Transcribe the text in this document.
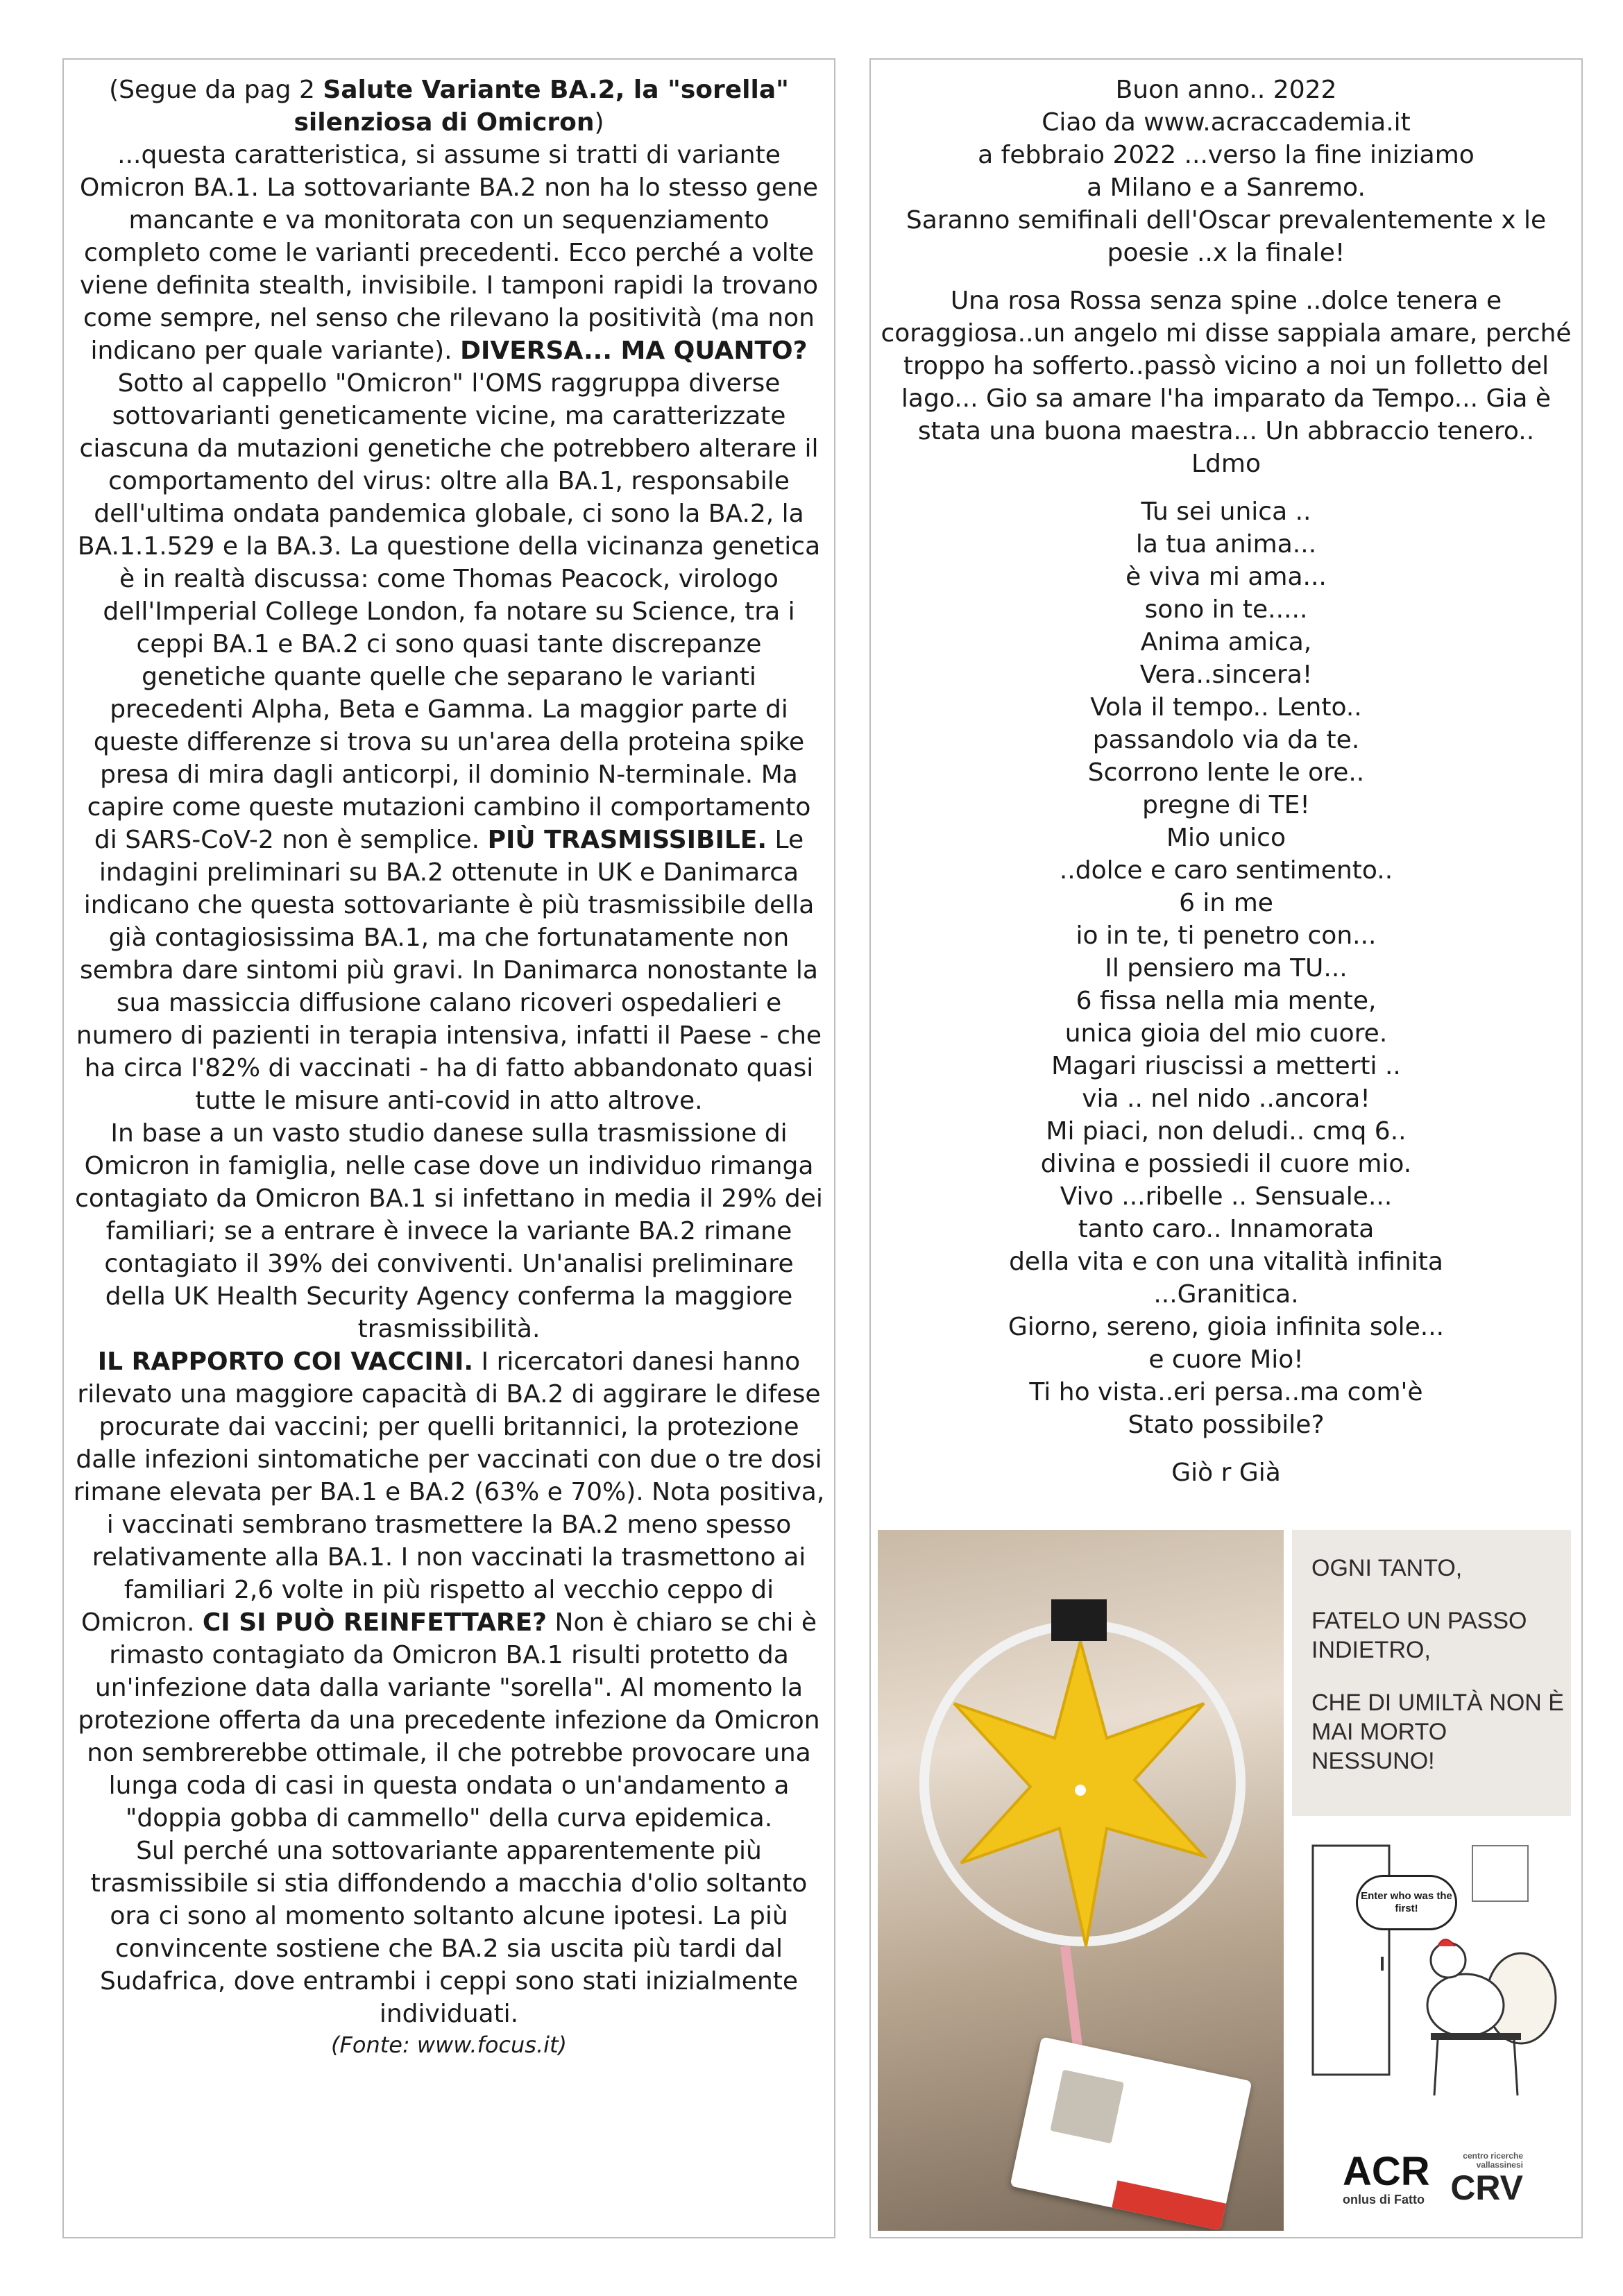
(Segue da pag 2 Salute Variante BA.2, la "sorella" silenziosa di Omicron)

...questa caratteristica, si assume si tratti di variante Omicron BA.1. La sottovariante BA.2 non ha lo stesso gene mancante e va monitorata con un sequenziamento completo come le varianti precedenti. Ecco perché a volte viene definita stealth, invisibile. I tamponi rapidi la trovano come sempre, nel senso che rilevano la positività (ma non indicano per quale variante). DIVERSA... MA QUANTO? Sotto al cappello "Omicron" l'OMS raggruppa diverse sottovarianti geneticamente vicine, ma caratterizzate ciascuna da mutazioni genetiche che potrebbero alterare il comportamento del virus: oltre alla BA.1, responsabile dell'ultima ondata pandemica globale, ci sono la BA.2, la BA.1.1.529 e la BA.3. La questione della vicinanza genetica è in realtà discussa: come Thomas Peacock, virologo dell'Imperial College London, fa notare su Science, tra i ceppi BA.1 e BA.2 ci sono quasi tante discrepanze genetiche quante quelle che separano le varianti precedenti Alpha, Beta e Gamma. La maggior parte di queste differenze si trova su un'area della proteina spike presa di mira dagli anticorpi, il dominio N-terminale. Ma capire come queste mutazioni cambino il comportamento di SARS-CoV-2 non è semplice. PIÙ TRASMISSIBILE. Le indagini preliminari su BA.2 ottenute in UK e Danimarca indicano che questa sottovariante è più trasmissibile della già contagiosissima BA.1, ma che fortunatamente non sembra dare sintomi più gravi. In Danimarca nonostante la sua massiccia diffusione calano ricoveri ospedalieri e numero di pazienti in terapia intensiva, infatti il Paese - che ha circa l'82% di vaccinati - ha di fatto abbandonato quasi tutte le misure anti-covid in atto altrove.

In base a un vasto studio danese sulla trasmissione di Omicron in famiglia, nelle case dove un individuo rimanga contagiato da Omicron BA.1 si infettano in media il 29% dei familiari; se a entrare è invece la variante BA.2 rimane contagiato il 39% dei conviventi. Un'analisi preliminare della UK Health Security Agency conferma la maggiore trasmissibilità.

IL RAPPORTO COI VACCINI. I ricercatori danesi hanno rilevato una maggiore capacità di BA.2 di aggirare le difese procurate dai vaccini; per quelli britannici, la protezione dalle infezioni sintomatiche per vaccinati con due o tre dosi rimane elevata per BA.1 e BA.2 (63% e 70%). Nota positiva, i vaccinati sembrano trasmettere la BA.2 meno spesso relativamente alla BA.1. I non vaccinati la trasmettono ai familiari 2,6 volte in più rispetto al vecchio ceppo di Omicron. CI SI PUÒ REINFETTARE? Non è chiaro se chi è rimasto contagiato da Omicron BA.1 risulti protetto da un'infezione data dalla variante "sorella". Al momento la protezione offerta da una precedente infezione da Omicron non sembrerebbe ottimale, il che potrebbe provocare una lunga coda di casi in questa ondata o un'andamento a "doppia gobba di cammello" della curva epidemica.

Sul perché una sottovariante apparentemente più trasmissibile si stia diffondendo a macchia d'olio soltanto ora ci sono al momento soltanto alcune ipotesi. La più convincente sostiene che BA.2 sia uscita più tardi dal Sudafrica, dove entrambi i ceppi sono stati inizialmente individuati.

(Fonte: www.focus.it)

Buon anno.. 2022

Ciao da www.acraccademia.it

a febbraio 2022 ...verso la fine iniziamo

a Milano e a Sanremo.

Saranno semifinali dell'Oscar prevalentemente x le poesie ..x la finale!

Una rosa Rossa senza spine ..dolce tenera e coraggiosa..un angelo mi disse sappiala amare, perché troppo ha sofferto..passò vicino a noi un folletto del lago... Gio sa amare l'ha imparato da Tempo... Gia è stata una buona maestra... Un abbraccio tenero..

Ldmo

Tu sei unica ..

la tua anima...

è viva mi ama...

sono in te.....

Anima amica,

Vera..sincera!

Vola il tempo.. Lento..

passandolo via da te.

Scorrono lente le ore..

pregne di TE!

Mio unico

..dolce e caro sentimento..

6 in me

io in te, ti penetro con...

Il pensiero ma TU...

6 fissa nella mia mente,

unica gioia del mio cuore.

Magari riuscissi a metterti ..

via .. nel nido ..ancora!

Mi piaci, non deludi.. cmq 6..

divina e possiedi il cuore mio.

Vivo ...ribelle .. Sensuale...

tanto caro.. Innamorata

della vita e con una vitalità infinita

...Granitica.

Giorno, sereno, gioia infinita sole...

e cuore Mio!

Ti ho vista..eri persa..ma com'è

Stato possibile?

Giò r Già

OGNI TANTO,

FATELO UN PASSO INDIETRO,

CHE DI UMILTÀ NON È MAI MORTO NESSUNO!

Enter who was the first!
ACR
onlus di Fatto
centro ricerche vallassinesi
CRV
